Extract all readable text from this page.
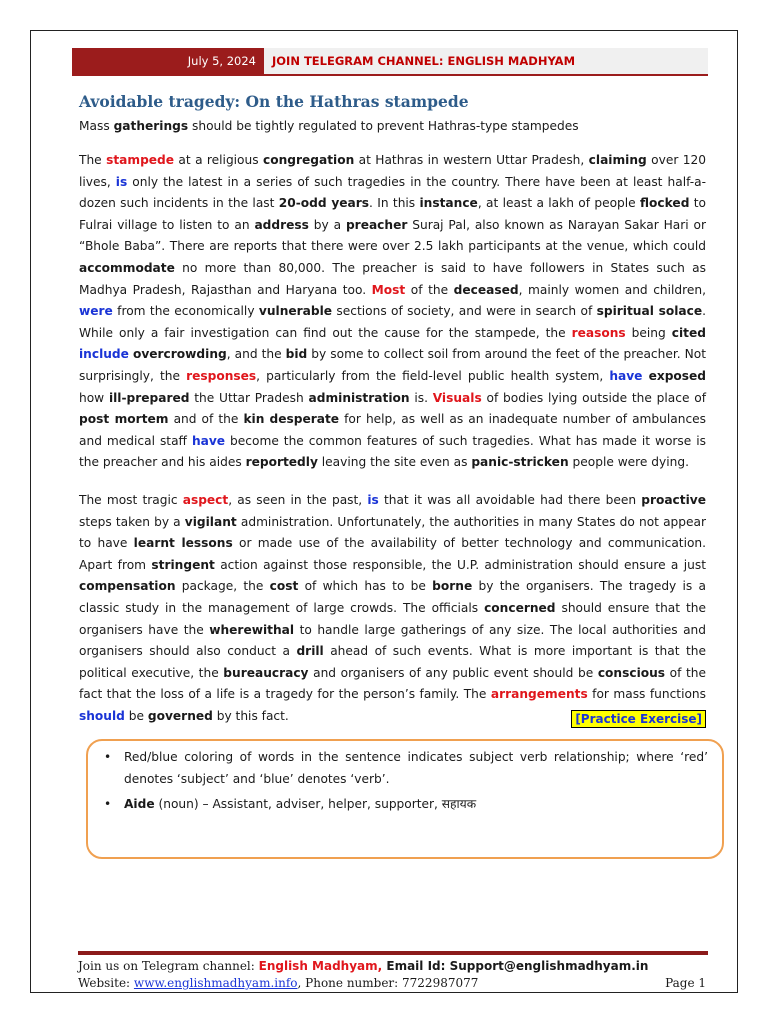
July 5, 2024	JOIN TELEGRAM CHANNEL: ENGLISH MADHYAM
Avoidable tragedy: On the Hathras stampede
Mass gatherings should be tightly regulated to prevent Hathras-type stampedes

The stampede at a religious congregation at Hathras in western Uttar Pradesh, claiming over 120 lives, is only the latest in a series of such tragedies in the country. There have been at least half-a-dozen such incidents in the last 20-odd years. In this instance, at least a lakh of people flocked to Fulrai village to listen to an address by a preacher Suraj Pal, also known as Narayan Sakar Hari or “Bhole Baba”. There are reports that there were over 2.5 lakh participants at the venue, which could accommodate no more than 80,000. The preacher is said to have followers in States such as Madhya Pradesh, Rajasthan and Haryana too. Most of the deceased, mainly women and children, were from the economically vulnerable sections of society, and were in search of spiritual solace. While only a fair investigation can find out the cause for the stampede, the reasons being cited include overcrowding, and the bid by some to collect soil from around the feet of the preacher. Not surprisingly, the responses, particularly from the field-level public health system, have exposed how ill-prepared the Uttar Pradesh administration is. Visuals of bodies lying outside the place of post mortem and of the kin desperate for help, as well as an inadequate number of ambulances and medical staff have become the common features of such tragedies. What has made it worse is the preacher and his aides reportedly leaving the site even as panic-stricken people were dying.

The most tragic aspect, as seen in the past, is that it was all avoidable had there been proactive steps taken by a vigilant administration. Unfortunately, the authorities in many States do not appear to have learnt lessons or made use of the availability of better technology and communication. Apart from stringent action against those responsible, the U.P. administration should ensure a just compensation package, the cost of which has to be borne by the organisers. The tragedy is a classic study in the management of large crowds. The officials concerned should ensure that the organisers have the wherewithal to handle large gatherings of any size. The local authorities and organisers should also conduct a drill ahead of such events. What is more important is that the political executive, the bureaucracy and organisers of any public event should be conscious of the fact that the loss of a life is a tragedy for the person’s family. The arrangements for mass functions should be governed by this fact.	[Practice Exercise]
• Red/blue coloring of words in the sentence indicates subject verb relationship; where ‘red’ denotes ‘subject’ and ‘blue’ denotes ‘verb’.
• Aide (noun) – Assistant, adviser, helper, supporter, सहायक
Join us on Telegram channel: English Madhyam, Email Id: Support@englishmadhyam.in
Website: www.englishmadhyam.info, Phone number: 7722987077	Page 1
